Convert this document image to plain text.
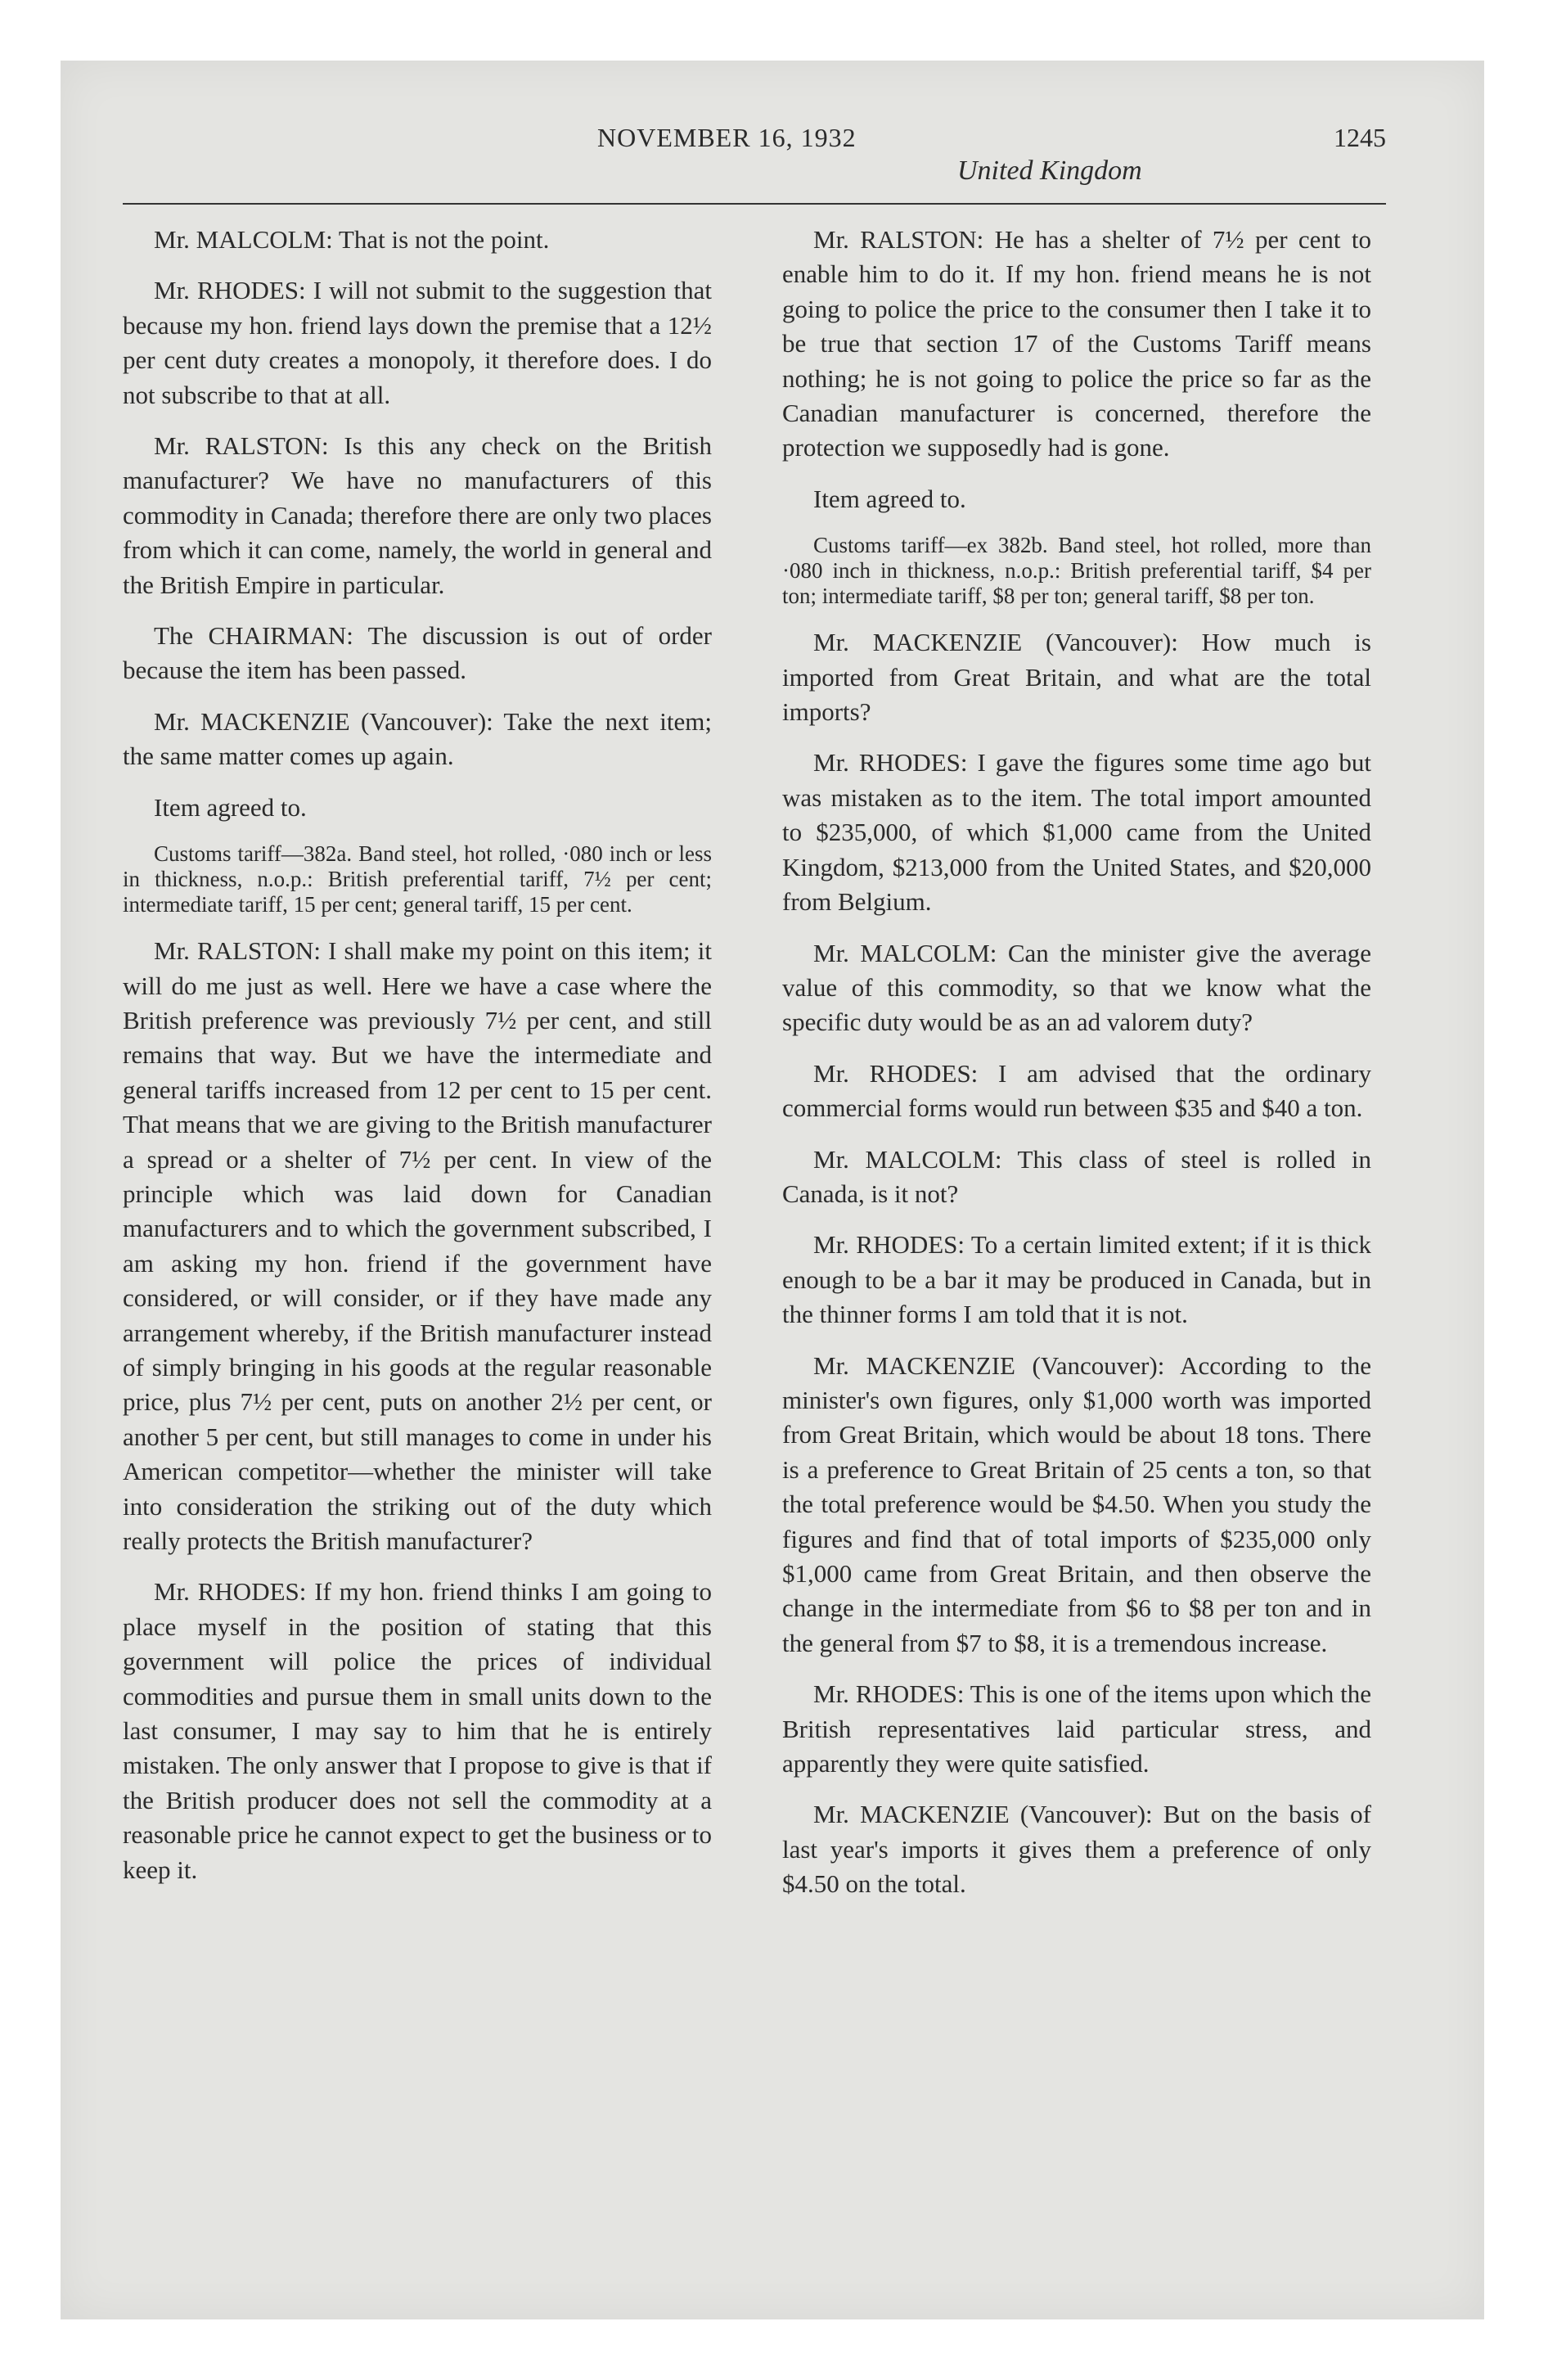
NOVEMBER 16, 1932	1245
United Kingdom

Mr. MALCOLM: That is not the point.

Mr. RHODES: I will not submit to the suggestion that because my hon. friend lays down the premise that a 12½ per cent duty creates a monopoly, it therefore does. I do not subscribe to that at all.

Mr. RALSTON: Is this any check on the British manufacturer? We have no manufacturers of this commodity in Canada; therefore there are only two places from which it can come, namely, the world in general and the British Empire in particular.

The CHAIRMAN: The discussion is out of order because the item has been passed.

Mr. MACKENZIE (Vancouver): Take the next item; the same matter comes up again.

Item agreed to.

Customs tariff—382a. Band steel, hot rolled, ·080 inch or less in thickness, n.o.p.: British preferential tariff, 7½ per cent; intermediate tariff, 15 per cent; general tariff, 15 per cent.

Mr. RALSTON: I shall make my point on this item; it will do me just as well. Here we have a case where the British preference was previously 7½ per cent, and still remains that way. But we have the intermediate and general tariffs increased from 12 per cent to 15 per cent. That means that we are giving to the British manufacturer a spread or a shelter of 7½ per cent. In view of the principle which was laid down for Canadian manufacturers and to which the government subscribed, I am asking my hon. friend if the government have considered, or will consider, or if they have made any arrangement whereby, if the British manufacturer instead of simply bringing in his goods at the regular reasonable price, plus 7½ per cent, puts on another 2½ per cent, or another 5 per cent, but still manages to come in under his American competitor—whether the minister will take into consideration the striking out of the duty which really protects the British manufacturer?

Mr. RHODES: If my hon. friend thinks I am going to place myself in the position of stating that this government will police the prices of individual commodities and pursue them in small units down to the last consumer, I may say to him that he is entirely mistaken. The only answer that I propose to give is that if the British producer does not sell the commodity at a reasonable price he cannot expect to get the business or to keep it.

Mr. RALSTON: He has a shelter of 7½ per cent to enable him to do it. If my hon. friend means he is not going to police the price to the consumer then I take it to be true that section 17 of the Customs Tariff means nothing; he is not going to police the price so far as the Canadian manufacturer is concerned, therefore the protection we supposedly had is gone.

Item agreed to.

Customs tariff—ex 382b. Band steel, hot rolled, more than ·080 inch in thickness, n.o.p.: British preferential tariff, $4 per ton; intermediate tariff, $8 per ton; general tariff, $8 per ton.

Mr. MACKENZIE (Vancouver): How much is imported from Great Britain, and what are the total imports?

Mr. RHODES: I gave the figures some time ago but was mistaken as to the item. The total import amounted to $235,000, of which $1,000 came from the United Kingdom, $213,000 from the United States, and $20,000 from Belgium.

Mr. MALCOLM: Can the minister give the average value of this commodity, so that we know what the specific duty would be as an ad valorem duty?

Mr. RHODES: I am advised that the ordinary commercial forms would run between $35 and $40 a ton.

Mr. MALCOLM: This class of steel is rolled in Canada, is it not?

Mr. RHODES: To a certain limited extent; if it is thick enough to be a bar it may be produced in Canada, but in the thinner forms I am told that it is not.

Mr. MACKENZIE (Vancouver): According to the minister's own figures, only $1,000 worth was imported from Great Britain, which would be about 18 tons. There is a preference to Great Britain of 25 cents a ton, so that the total preference would be $4.50. When you study the figures and find that of total imports of $235,000 only $1,000 came from Great Britain, and then observe the change in the intermediate from $6 to $8 per ton and in the general from $7 to $8, it is a tremendous increase.

Mr. RHODES: This is one of the items upon which the British representatives laid particular stress, and apparently they were quite satisfied.

Mr. MACKENZIE (Vancouver): But on the basis of last year's imports it gives them a preference of only $4.50 on the total.
